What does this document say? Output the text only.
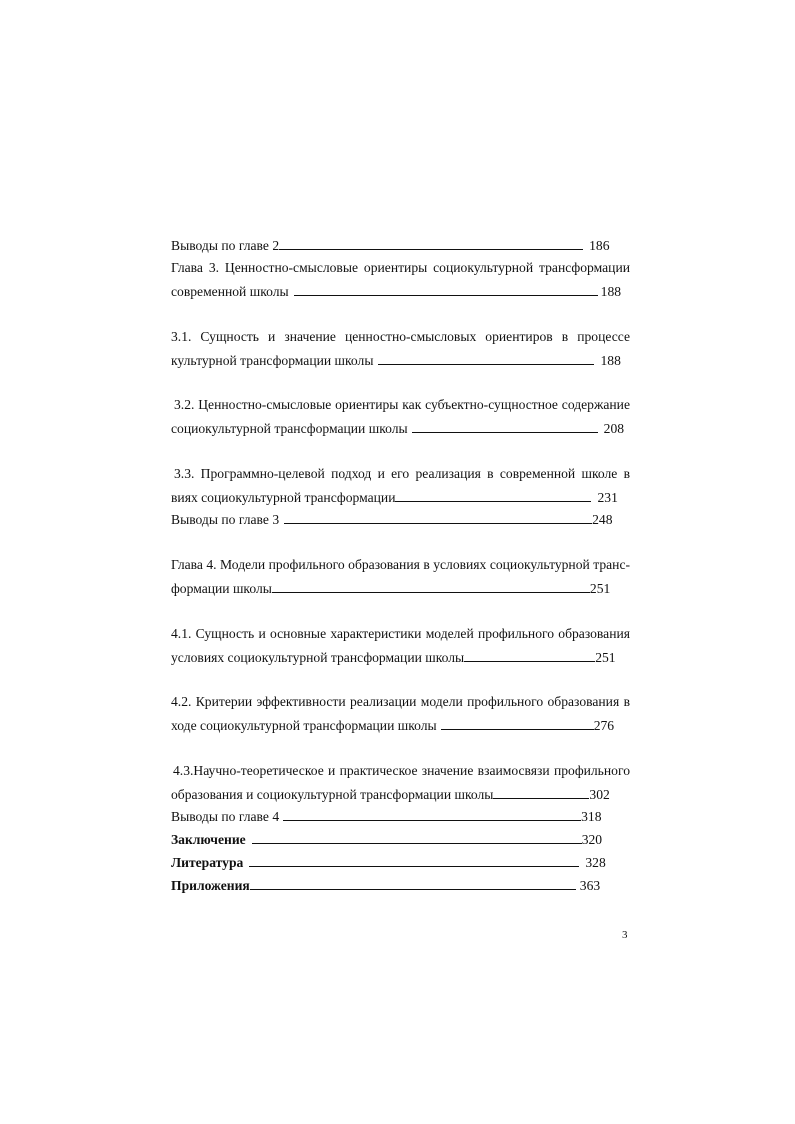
Выводы по главе 2	186
Глава 3. Ценностно-смысловые ориентиры социокультурной трансформации
современной школы	188
3.1. Сущность и значение ценностно-смысловых ориентиров в процессе
культурной трансформации школы	188
3.2. Ценностно-смысловые ориентиры как субъектно-сущностное содержание
социокультурной трансформации школы	208
3.3. Программно-целевой подход и его реализация в современной школе в
виях социокультурной трансформации	231
Выводы по главе 3	248
Глава 4. Модели профильного образования в условиях социокультурной транс-
формации школы	251
4.1. Сущность и основные характеристики моделей профильного образования
условиях социокультурной трансформации школы	251
4.2. Критерии эффективности реализации модели профильного образования в
ходе социокультурной трансформации школы	276
4.3.Научно-теоретическое и практическое значение взаимосвязи профильного
образования и социокультурной трансформации школы	302
Выводы по главе 4	318
Заключение	320
Литература	328
Приложения	363
3
